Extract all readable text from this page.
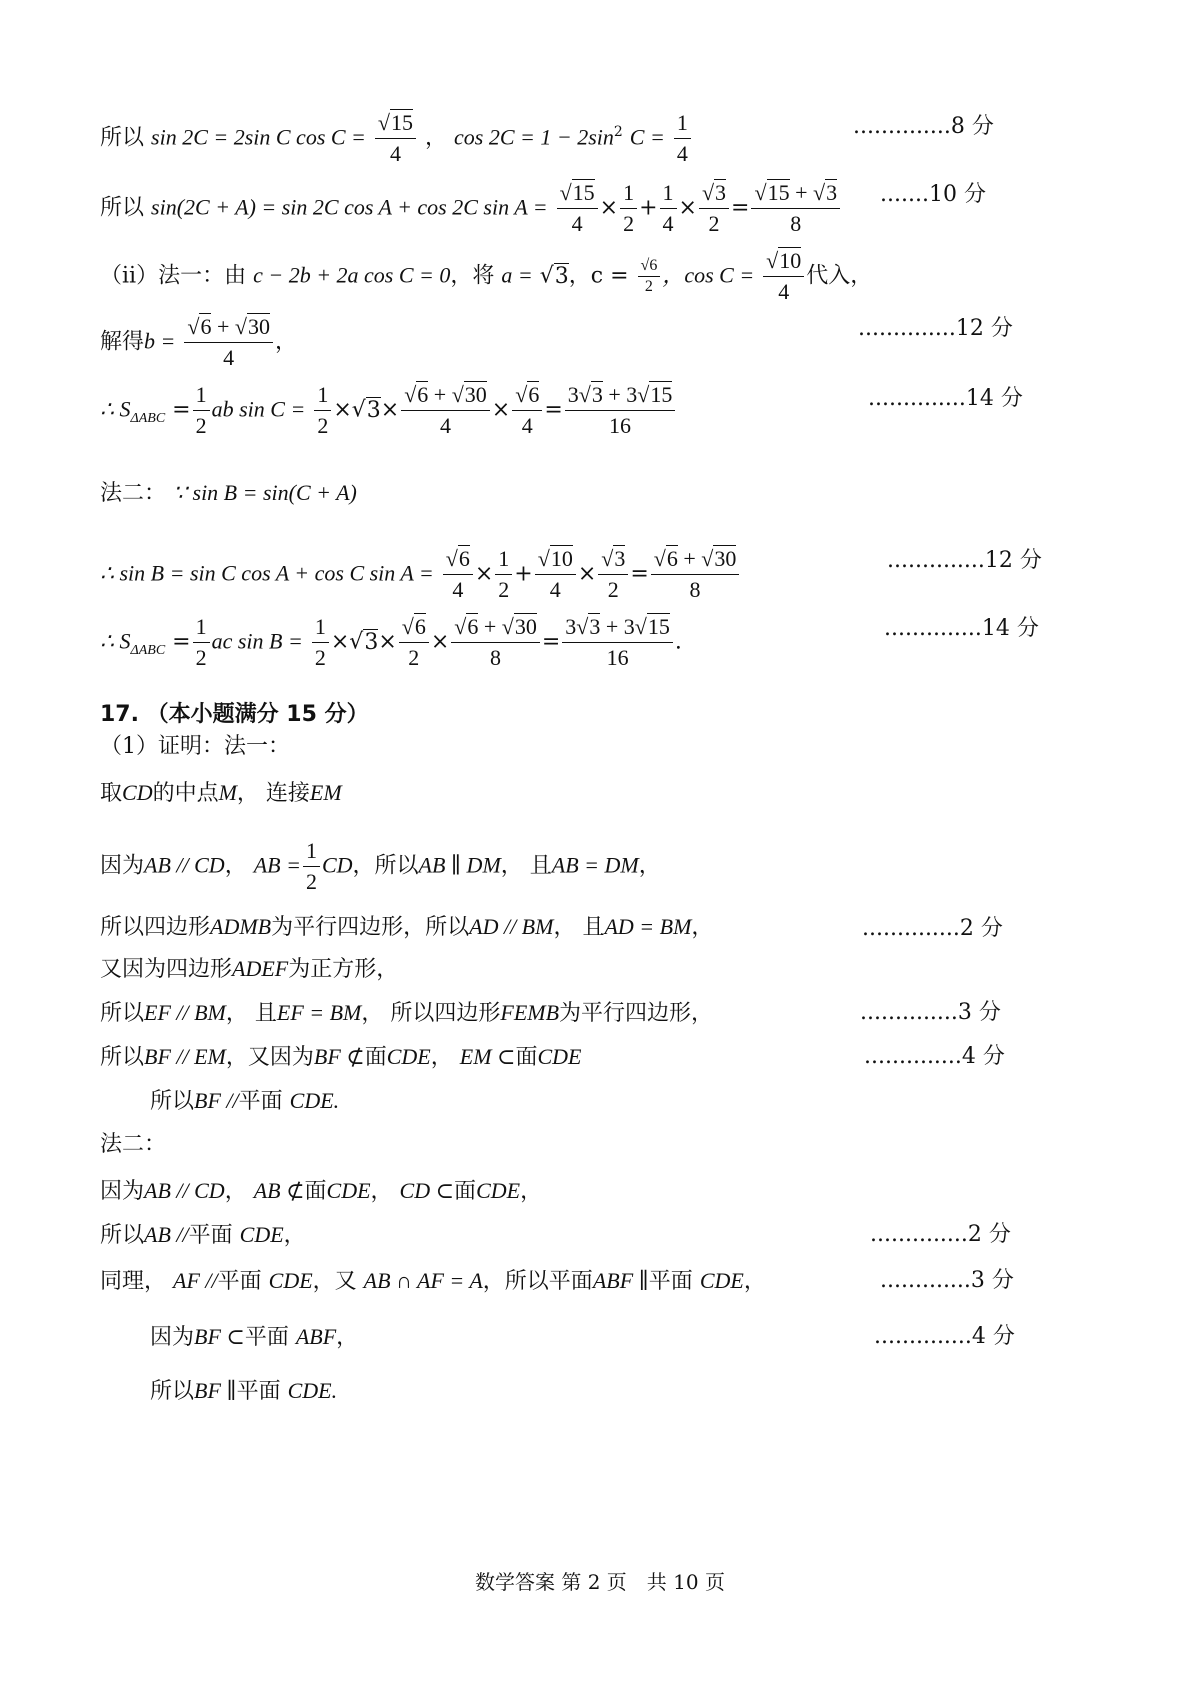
所以 sin 2C = 2sin C $\cos C = \frac{√15}{4}$ ， $\cos 2C = 1 - 2\sin^2$ $C = \frac{1}{4}$	..............8 分
所以 sin(2C + A) = sin 2C cos A + cos 2C $\sin A = \frac{√15}{4} \times \frac{1}{2} + \frac{1}{4} \times \frac{√3}{2} = \frac{√15 + √3}{8} .......10$ 分
（ⅱ）法一：由 c − 2b + 2a cos C = 0，将 a = √3，$c = \frac{√6}{2}$ ，$\cos C = \frac{√10}{4}$ 代入，
解得$b = \frac{√6 + √30}{4}$ ，
..............12 分
∴ $S_{\Delta ABC} = \frac{1}{2}$ ab $\sin C = \frac{1}{2} \times√3\times \frac{√6 + √30}{4} \times \frac{√6}{4} = \frac{3√3 + 3√15}{16}$	..............14 分
法二： ∵ sin B = sin(C + A)
∴ sin B = sin C cos A + cos C $\sin A = \frac{√6}{4} \times \frac{1}{2} + \frac{√10}{4} \times \frac{√3}{2} = \frac{√6 + √30}{8}$	..............12 分
∴ $S_{\Delta ABC} = \frac{1}{2}$ ac $\sin B = \frac{1}{2} \times√3\times \frac{√6}{2} \times \frac{√6 + √30}{8} = \frac{3√3 + 3√15}{16}$ .
..............14 分
17. （本小题满分 15 分）
（1）证明：法一：
取CD的中点M， 连接EM
因为AB // CD， AB = $\frac{1}{2}$ CD，所以AB ∥ DM， 且AB = DM，
所以四边形ADMB为平行四边形，所以AD // BM， 且AD = BM，	..............2 分
又因为四边形ADEF为正方形，
所以EF // BM， 且EF = BM， 所以四边形FEMB为平行四边形，	..............3 分
所以BF // EM，又因为BF ⊄面CDE， EM ⊂面CDE	..............4 分
所以BF //平面 CDE.
法二：
因为AB // CD， AB ⊄面CDE， CD ⊂面CDE，
所以AB //平面 CDE，	..............2 分
同理， AF //平面 CDE，又 AB ∩ AF = A，所以平面ABF ∥平面 CDE，	.............3 分
因为BF ⊂平面 ABF，	..............4 分
所以BF ∥平面 CDE.
数学答案 第 2 页　共 10 页
